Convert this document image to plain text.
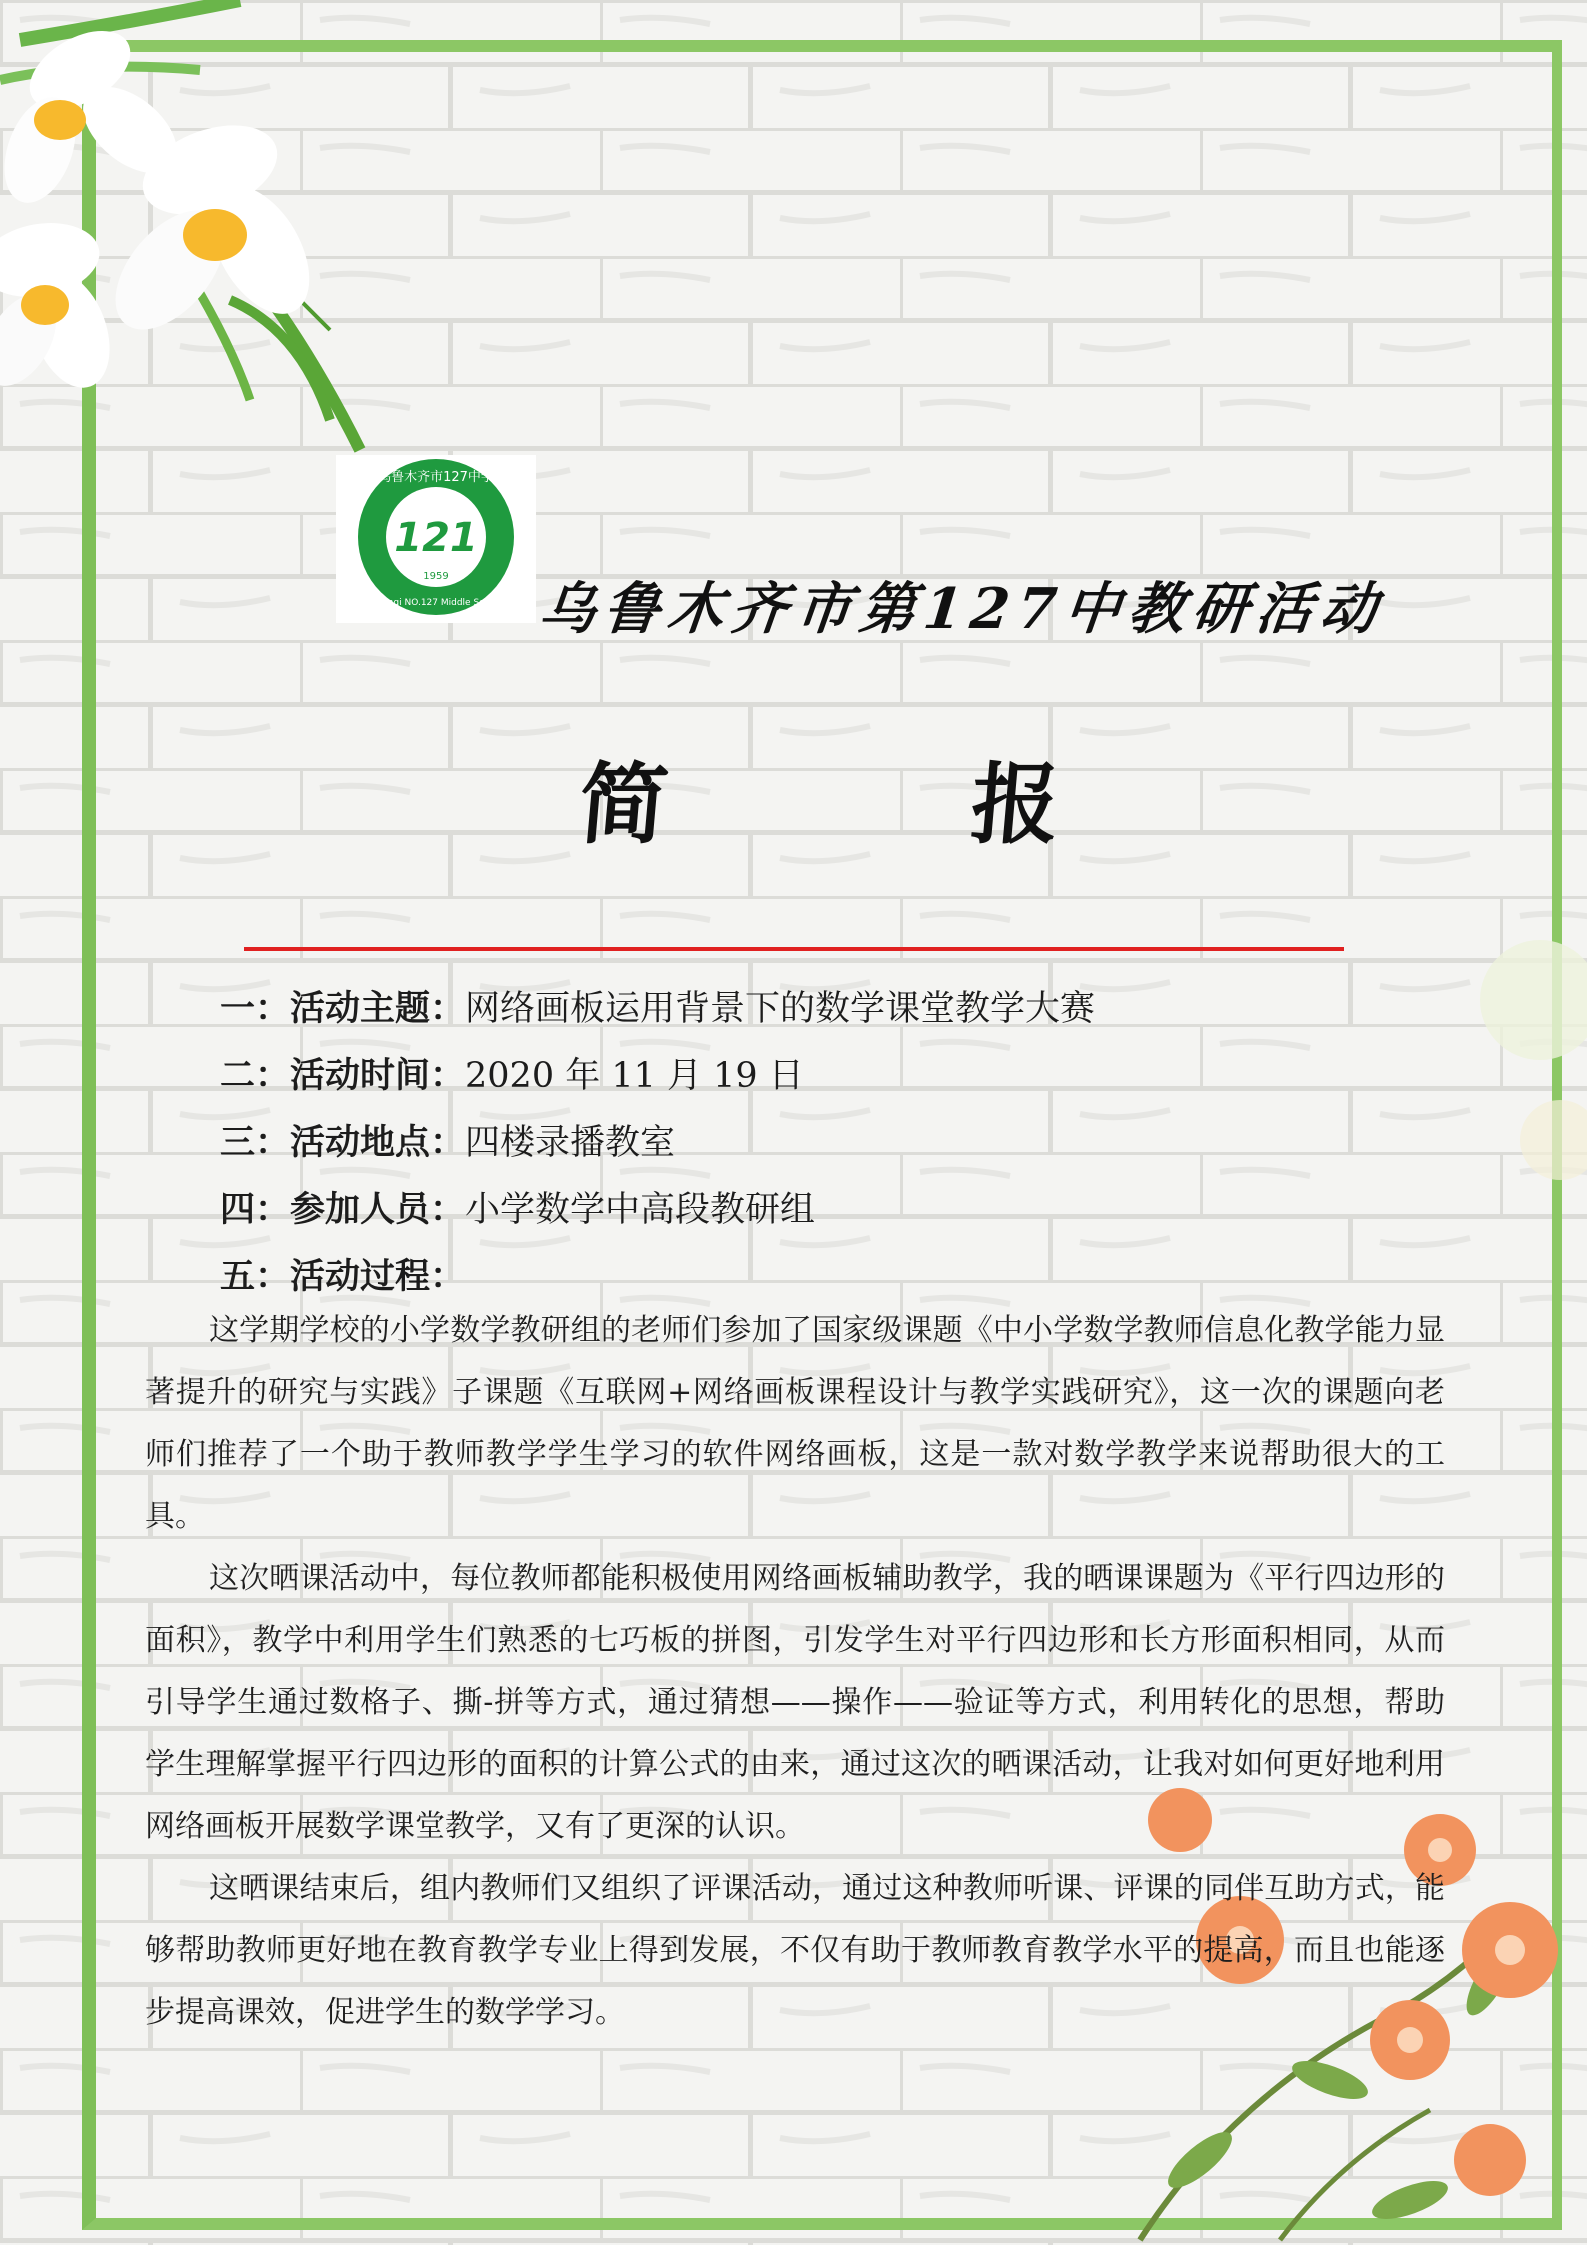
121
1959
乌鲁木齐市127中学
Urumqi NO.127 Middle School 乌鲁木齐市第127中教研活动
简	报
一：活动主题：网络画板运用背景下的数学课堂教学大赛
二：活动时间：2020 年 11 月 19 日
三：活动地点：四楼录播教室
四：参加人员：小学数学中高段教研组
五：活动过程：

这学期学校的小学数学教研组的老师们参加了国家级课题《中小学数学教师信息化教学能力显著提升的研究与实践》子课题《互联网+网络画板课程设计与教学实践研究》，这一次的课题向老师们推荐了一个助于教师教学学生学习的软件网络画板，这是一款对数学教学来说帮助很大的工具。

这次晒课活动中，每位教师都能积极使用网络画板辅助教学，我的晒课课题为《平行四边形的面积》，教学中利用学生们熟悉的七巧板的拼图，引发学生对平行四边形和长方形面积相同，从而引导学生通过数格子、撕-拼等方式，通过猜想——操作——验证等方式，利用转化的思想，帮助学生理解掌握平行四边形的面积的计算公式的由来，通过这次的晒课活动，让我对如何更好地利用网络画板开展数学课堂教学，又有了更深的认识。

这晒课结束后，组内教师们又组织了评课活动，通过这种教师听课、评课的同伴互助方式，能够帮助教师更好地在教育教学专业上得到发展，不仅有助于教师教育教学水平的提高，而且也能逐步提高课效，促进学生的数学学习。
